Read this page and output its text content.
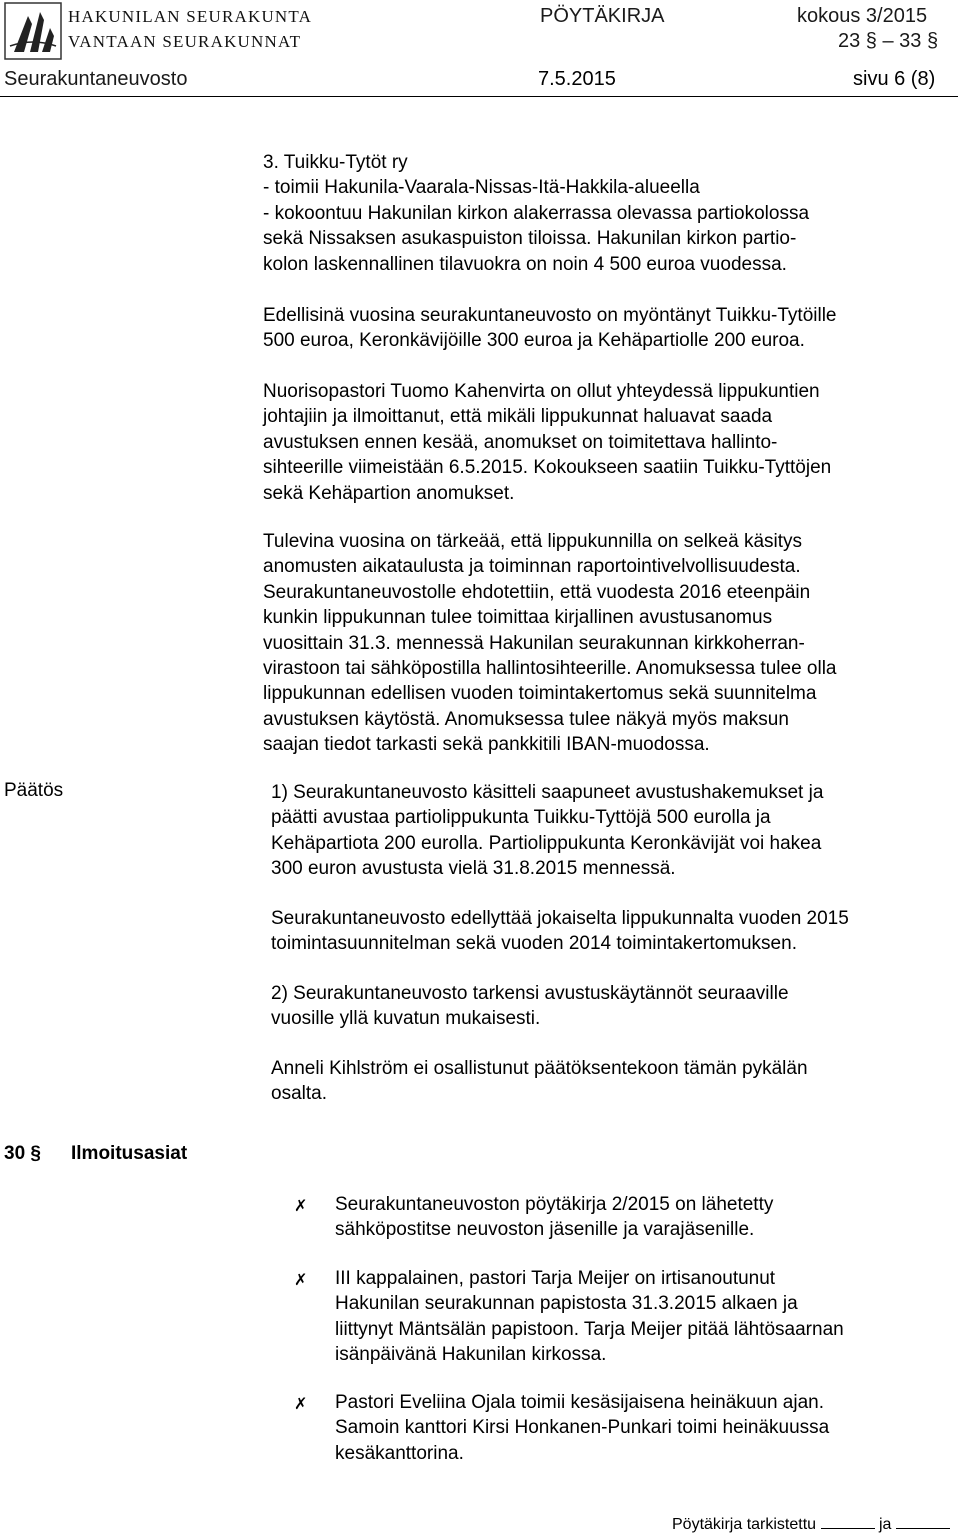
HAKUNILAN SEURAKUNTA
VANTAAN SEURAKUNNAT
PÖYTÄKIRJA	kokous 3/2015
23 § – 33 §
Seurakuntaneuvosto	7.5.2015	sivu 6 (8)
3. Tuikku-Tytöt ry
- toimii Hakunila-Vaarala-Nissas-Itä-Hakkila-alueella
- kokoontuu Hakunilan kirkon alakerrassa olevassa partiokolossa
sekä Nissaksen asukaspuiston tiloissa. Hakunilan kirkon partio-
kolon laskennallinen tilavuokra on noin 4 500 euroa vuodessa.
Edellisinä vuosina seurakuntaneuvosto on myöntänyt Tuikku-Tytöille
500 euroa, Keronkävijöille 300 euroa ja Kehäpartiolle 200 euroa.
Nuorisopastori Tuomo Kahenvirta on ollut yhteydessä lippukuntien
johtajiin ja ilmoittanut, että mikäli lippukunnat haluavat saada
avustuksen ennen kesää, anomukset on toimitettava hallinto-
sihteerille viimeistään 6.5.2015. Kokoukseen saatiin Tuikku-Tyttöjen
sekä Kehäpartion anomukset.
Tulevina vuosina on tärkeää, että lippukunnilla on selkeä käsitys
anomusten aikataulusta ja toiminnan raportointivelvollisuudesta.
Seurakuntaneuvostolle ehdotettiin, että vuodesta 2016 eteenpäin
kunkin lippukunnan tulee toimittaa kirjallinen avustusanomus
vuosittain 31.3. mennessä Hakunilan seurakunnan kirkkoherran-
virastoon tai sähköpostilla hallintosihteerille. Anomuksessa tulee olla
lippukunnan edellisen vuoden toimintakertomus sekä suunnitelma
avustuksen käytöstä. Anomuksessa tulee näkyä myös maksun
saajan tiedot tarkasti sekä pankkitili IBAN-muodossa.
Päätös	1) Seurakuntaneuvosto käsitteli saapuneet avustushakemukset ja
päätti avustaa partiolippukunta Tuikku-Tyttöjä 500 eurolla ja
Kehäpartiota 200 eurolla. Partiolippukunta Keronkävijät voi hakea
300 euron avustusta vielä 31.8.2015 mennessä.
Seurakuntaneuvosto edellyttää jokaiselta lippukunnalta vuoden 2015
toimintasuunnitelman sekä vuoden 2014 toimintakertomuksen.
2) Seurakuntaneuvosto tarkensi avustuskäytännöt seuraaville
vuosille yllä kuvatun mukaisesti.
Anneli Kihlström ei osallistunut päätöksentekoon tämän pykälän
osalta.
30 § Ilmoitusasiat
✗ Seurakuntaneuvoston pöytäkirja 2/2015 on lähetetty
sähköpostitse neuvoston jäsenille ja varajäsenille.
✗ III kappalainen, pastori Tarja Meijer on irtisanoutunut
Hakunilan seurakunnan papistosta 31.3.2015 alkaen ja
liittynyt Mäntsälän papistoon. Tarja Meijer pitää lähtösaarnan
isänpäivänä Hakunilan kirkossa.
✗ Pastori Eveliina Ojala toimii kesäsijaisena heinäkuun ajan.
Samoin kanttori Kirsi Honkanen-Punkari toimi heinäkuussa
kesäkanttorina.
Pöytäkirja tarkistettu	ja
